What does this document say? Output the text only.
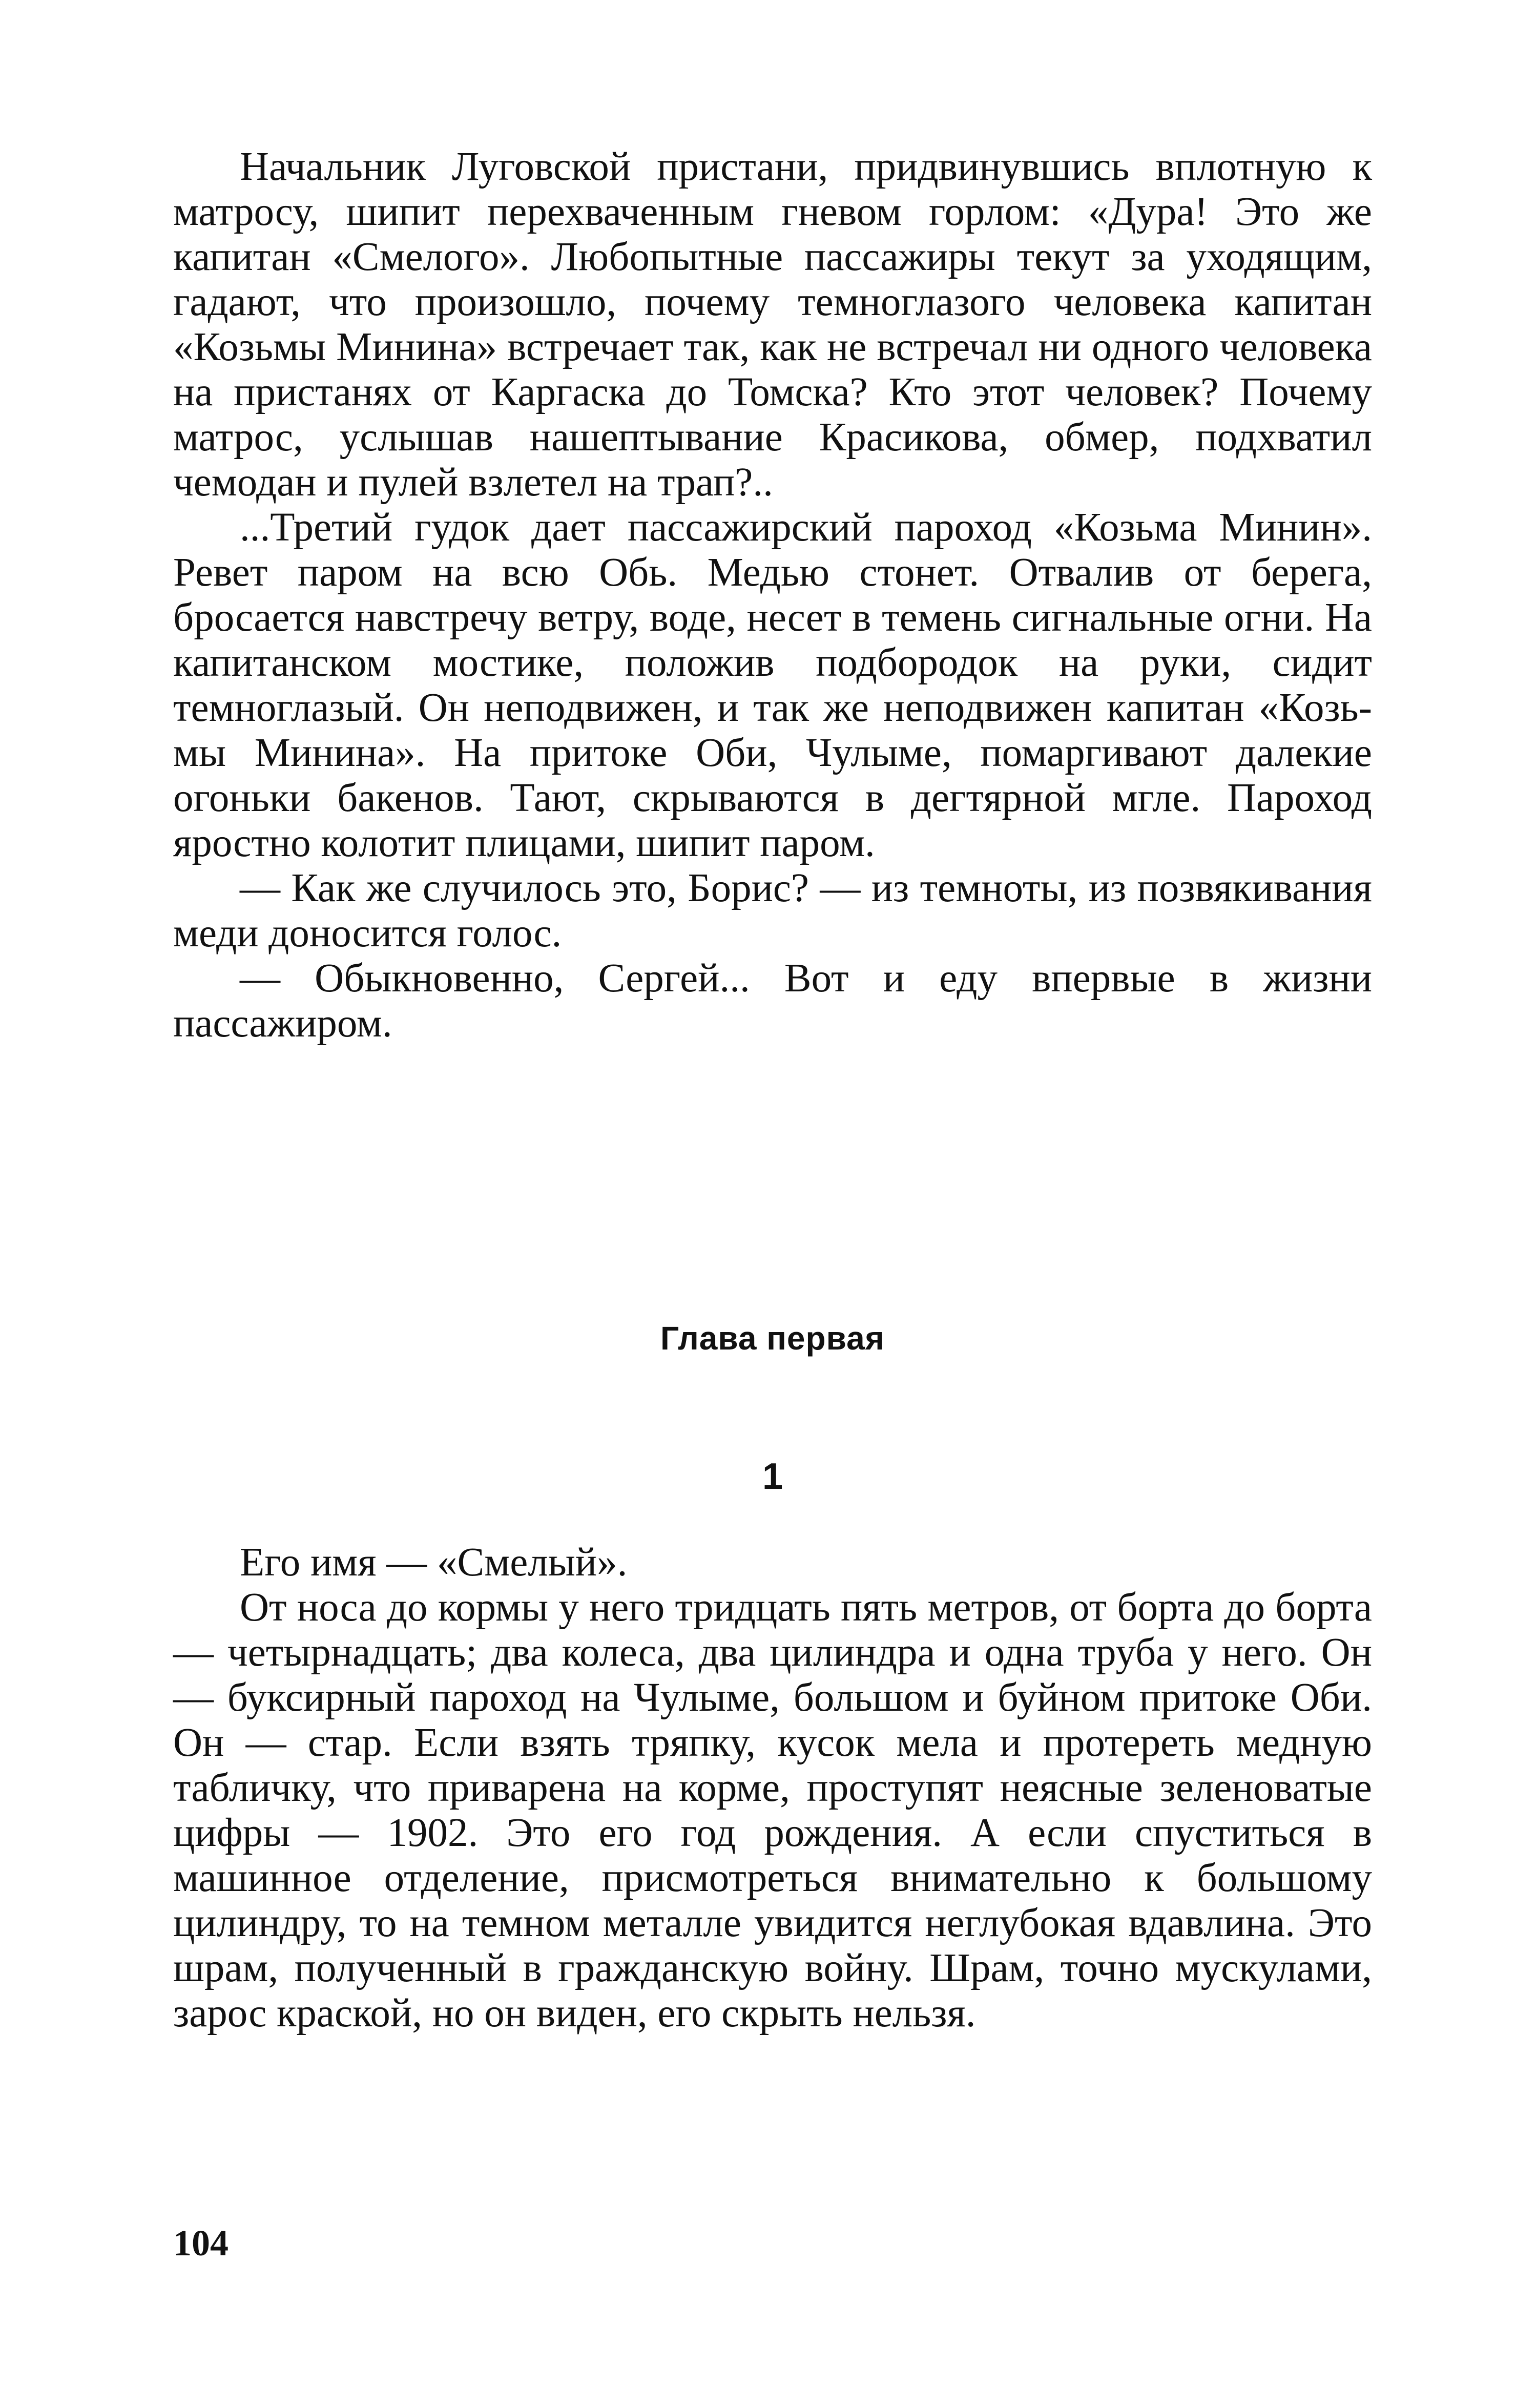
Начальник Луговской пристани, придвинувшись вплотную к матросу, шипит перехваченным гневом горлом: «Дура! Это же капитан «Смелого». Любопытные пассажиры текут за уходящим, гадают, что произошло, почему темноглазого человека капитан «Козьмы Минина» встречает так, как не встречал ни одного человека на пристанях от Каргаска до Томска? Кто этот человек? Почему матрос, услышав нашептывание Красикова, обмер, подхватил чемодан и пулей взлетел на трап?..

...Третий гудок дает пассажирский пароход «Козьма Минин». Ревет паром на всю Обь. Медью стонет. Отвалив от берега, бросается навстречу ветру, воде, несет в темень сигнальные огни. На капитанском мостике, положив подбородок на руки, сидит темноглазый. Он неподвижен, и так же неподвижен капитан «Козьмы Минина». На притоке Оби, Чулыме, помаргивают далекие огоньки бакенов. Тают, скрываются в дегтярной мгле. Пароход яростно колотит плицами, шипит паром.

— Как же случилось это, Борис? — из темноты, из позвякивания меди доносится голос.

— Обыкновенно, Сергей... Вот и еду впервые в жизни пассажиром.

Глава первая
1

Его имя — «Смелый».

От носа до кормы у него тридцать пять метров, от борта до борта — четырнадцать; два колеса, два цилиндра и одна труба у него. Он — буксирный пароход на Чулыме, большом и буйном притоке Оби. Он — стар. Если взять тряпку, кусок мела и протереть медную табличку, что приварена на корме, проступят неясные зеленоватые цифры — 1902. Это его год рождения. А если спуститься в машинное отделение, присмотреться внимательно к большому цилиндру, то на темном металле увидится неглубокая вдавлина. Это шрам, полученный в гражданскую войну. Шрам, точно мускулами, зарос краской, но он виден, его скрыть нельзя.

104
